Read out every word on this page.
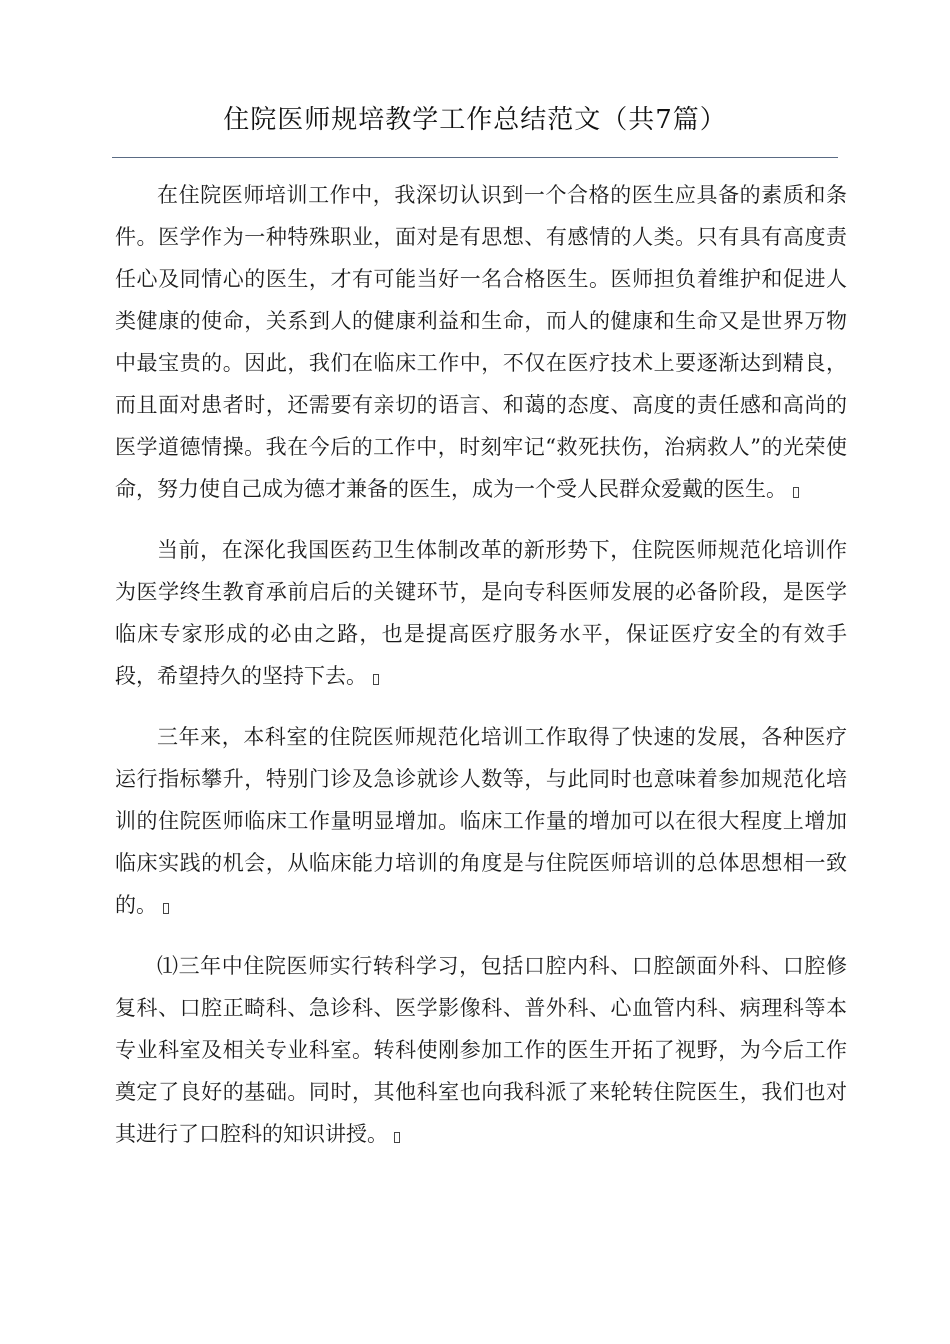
住院医师规培教学工作总结范文（共7篇）

在住院医师培训工作中，我深切认识到一个合格的医生应具备的素质和条件。医学作为一种特殊职业，面对是有思想、有感情的人类。只有具有高度责任心及同情心的医生，才有可能当好一名合格医生。医师担负着维护和促进人类健康的使命，关系到人的健康利益和生命，而人的健康和生命又是世界万物中最宝贵的。因此，我们在临床工作中，不仅在医疗技术上要逐渐达到精良，而且面对患者时，还需要有亲切的语言、和蔼的态度、高度的责任感和高尚的医学道德情操。我在今后的工作中，时刻牢记“救死扶伤，治病救人”的光荣使命，努力使自己成为德才兼备的医生，成为一个受人民群众爱戴的医生。

当前，在深化我国医药卫生体制改革的新形势下，住院医师规范化培训作为医学终生教育承前启后的关键环节，是向专科医师发展的必备阶段，是医学临床专家形成的必由之路，也是提高医疗服务水平，保证医疗安全的有效手段，希望持久的坚持下去。

三年来，本科室的住院医师规范化培训工作取得了快速的发展，各种医疗运行指标攀升，特别门诊及急诊就诊人数等，与此同时也意味着参加规范化培训的住院医师临床工作量明显增加。临床工作量的增加可以在很大程度上增加临床实践的机会，从临床能力培训的角度是与住院医师培训的总体思想相一致的。

⑴三年中住院医师实行转科学习，包括口腔内科、口腔颌面外科、口腔修复科、口腔正畸科、急诊科、医学影像科、普外科、心血管内科、病理科等本专业科室及相关专业科室。转科使刚参加工作的医生开拓了视野，为今后工作奠定了良好的基础。同时，其他科室也向我科派了来轮转住院医生，我们也对其进行了口腔科的知识讲授。
